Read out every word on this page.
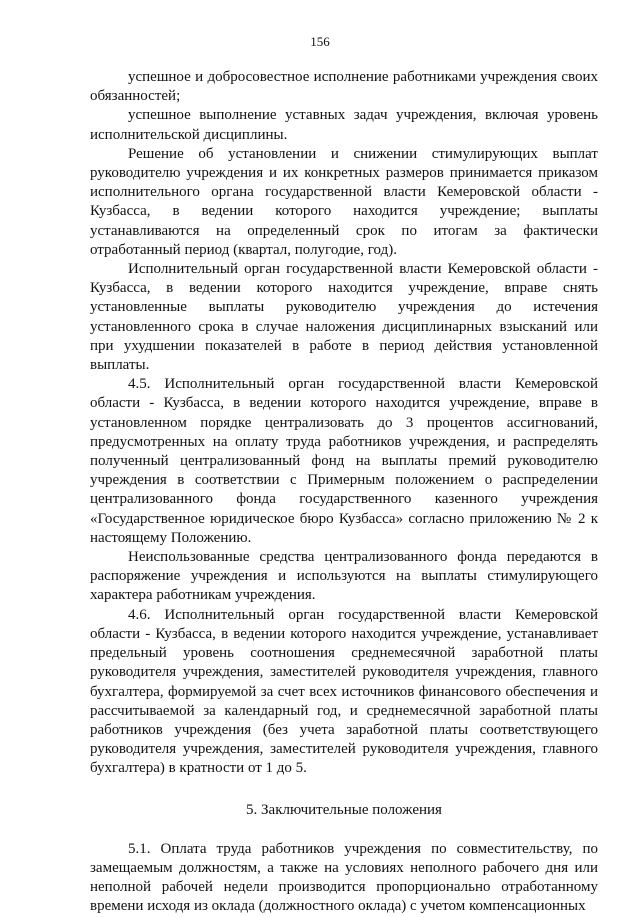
156

успешное и добросовестное исполнение работниками учреждения своих обязанностей;

успешное выполнение уставных задач учреждения, включая уровень исполнительской дисциплины.

Решение об установлении и снижении стимулирующих выплат руководителю учреждения и их конкретных размеров принимается приказом исполнительного органа государственной власти Кемеровской области - Кузбасса, в ведении которого находится учреждение; выплаты устанавливаются на определенный срок по итогам за фактически отработанный период (квартал, полугодие, год).

Исполнительный орган государственной власти Кемеровской области - Кузбасса, в ведении которого находится учреждение, вправе снять установленные выплаты руководителю учреждения до истечения установленного срока в случае наложения дисциплинарных взысканий или при ухудшении показателей в работе в период действия установленной выплаты.

4.5. Исполнительный орган государственной власти Кемеровской области - Кузбасса, в ведении которого находится учреждение, вправе в установленном порядке централизовать до 3 процентов ассигнований, предусмотренных на оплату труда работников учреждения, и распределять полученный централизованный фонд на выплаты премий руководителю учреждения в соответствии с Примерным положением о распределении централизованного фонда государственного казенного учреждения «Государственное юридическое бюро Кузбасса» согласно приложению № 2 к настоящему Положению.

Неиспользованные средства централизованного фонда передаются в распоряжение учреждения и используются на выплаты стимулирующего характера работникам учреждения.

4.6. Исполнительный орган государственной власти Кемеровской области - Кузбасса, в ведении которого находится учреждение, устанавливает предельный уровень соотношения среднемесячной заработной платы руководителя учреждения, заместителей руководителя учреждения, главного бухгалтера, формируемой за счет всех источников финансового обеспечения и рассчитываемой за календарный год, и среднемесячной заработной платы работников учреждения (без учета заработной платы соответствующего руководителя учреждения, заместителей руководителя учреждения, главного бухгалтера) в кратности от 1 до 5.

5. Заключительные положения

5.1. Оплата труда работников учреждения по совместительству, по замещаемым должностям, а также на условиях неполного рабочего дня или неполной рабочей недели производится пропорционально отработанному времени исходя из оклада (должностного оклада) с учетом компенсационных
